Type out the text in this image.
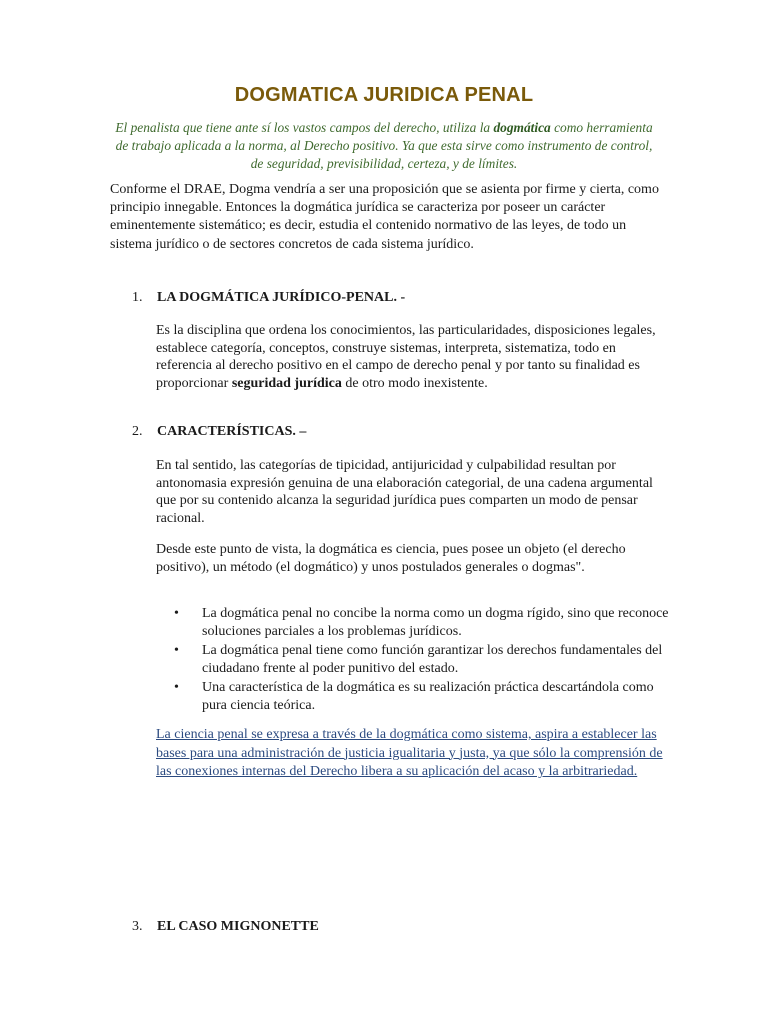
DOGMATICA JURIDICA PENAL

El penalista que tiene ante sí los vastos campos del derecho, utiliza la dogmática como herramienta de trabajo aplicada a la norma, al Derecho positivo. Ya que esta sirve como instrumento de control, de seguridad, previsibilidad, certeza, y de límites.

Conforme el DRAE, Dogma vendría a ser una proposición que se asienta por firme y cierta, como principio innegable. Entonces la dogmática jurídica se caracteriza por poseer un carácter eminentemente sistemático; es decir, estudia el contenido normativo de las leyes, de todo un sistema jurídico o de sectores concretos de cada sistema jurídico.

1. LA DOGMÁTICA JURÍDICO-PENAL. -

Es la disciplina que ordena los conocimientos, las particularidades, disposiciones legales, establece categoría, conceptos, construye sistemas, interpreta, sistematiza, todo en referencia al derecho positivo en el campo de derecho penal y por tanto su finalidad es proporcionar seguridad jurídica de otro modo inexistente.

2. CARACTERÍSTICAS. –

En tal sentido, las categorías de tipicidad, antijuricidad y culpabilidad resultan por antonomasia expresión genuina de una elaboración categorial, de una cadena argumental que por su contenido alcanza la seguridad jurídica pues comparten un modo de pensar racional.

Desde este punto de vista, la dogmática es ciencia, pues posee un objeto (el derecho positivo), un método (el dogmático) y unos postulados generales o dogmas".

• La dogmática penal no concibe la norma como un dogma rígido, sino que reconoce soluciones parciales a los problemas jurídicos.
• La dogmática penal tiene como función garantizar los derechos fundamentales del ciudadano frente al poder punitivo del estado.
• Una característica de la dogmática es su realización práctica descartándola como pura ciencia teórica.
La ciencia penal se expresa a través de la dogmática como sistema, aspira a establecer las bases para una administración de justicia igualitaria y justa, ya que sólo la comprensión de las conexiones internas del Derecho libera a su aplicación del acaso y la arbitrariedad.
3. EL CASO MIGNONETTE
